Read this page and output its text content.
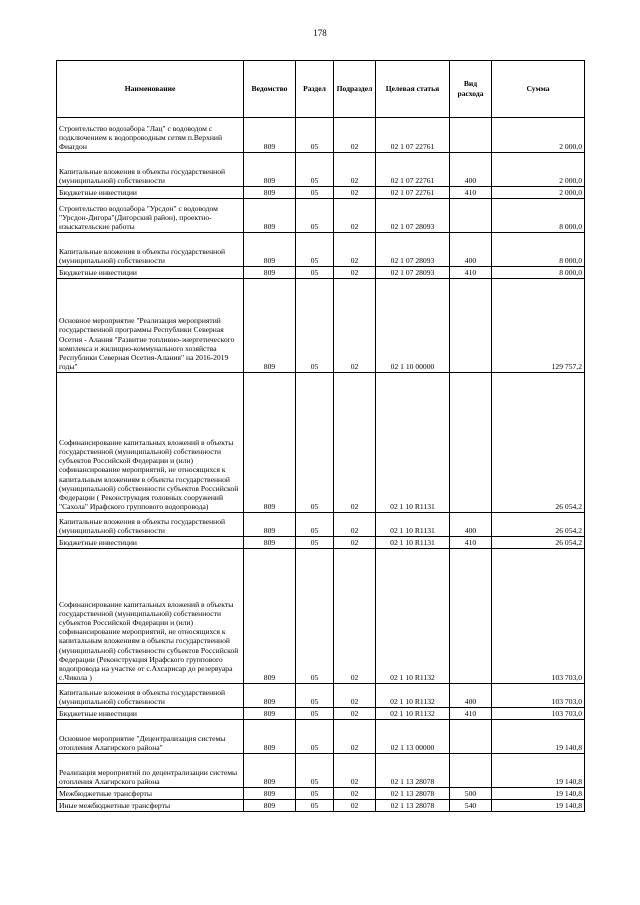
178
Наименование	Ведомство	Раздел	Подраздел	Целевая статья	Вид расхода	Сумма
Строительство водозабора "Лац" с водоводом с подключением к водопроводным сетям п.Верхний Фиагдон	809	05	02	02 1 07 22761		2 000,0
Капитальные вложения в объекты государственной (муниципальной) собственности	809	05	02	02 1 07 22761	400	2 000,0
Бюджетные инвестиции	809	05	02	02 1 07 22761	410	2 000,0
Строительство водозабора "Урсдон" с водоводом "Урсдон-Дигора"(Дигорский район), проектно-изыскательские работы	809	05	02	02 1 07 28093		8 000,0
Капитальные вложения в объекты государственной (муниципальной) собственности	809	05	02	02 1 07 28093	400	8 000,0
Бюджетные инвестиции	809	05	02	02 1 07 28093	410	8 000,0
Основное мероприятие "Реализация мероприятий государственной программы Республики Северная Осетия - Алания "Развитие топливно-энергетического комплекса и жилищно-коммунального хозяйства Республики Северная Осетия-Алания" на 2016-2019 годы"	809	05	02	02 1 10 00000		129 757,2
Софинансирование капитальных вложений в объекты государственной (муниципальной) собственности субъектов Российской Федерации и (или) софинансирование мероприятий, не относящихся к капитальным вложениям в объекты государственной (муниципальной) собственности субъектов Российской Федерации ( Реконструкция головных сооружений "Сахола" Ирафского группового водопровода)	809	05	02	02 1 10 R1131		26 054,2
Капитальные вложения в объекты государственной (муниципальной) собственности	809	05	02	02 1 10 R1131	400	26 054,2
Бюджетные инвестиции	809	05	02	02 1 10 R1131	410	26 054,2
Софинансирование капитальных вложений в объекты государственной (муниципальной) собственности субъектов Российской Федерации и (или) софинансирование мероприятий, не относящихся к капитальным вложениям в объекты государственной (муниципальной) собственности субъектов Российской Федерации (Реконструкция Ирафского группового водопровода на участке от с.Ахсарисар до резервуара с.Чикола )	809	05	02	02 1 10 R1132		103 703,0
Капитальные вложения в объекты государственной (муниципальной) собственности	809	05	02	02 1 10 R1132	400	103 703,0
Бюджетные инвестиции	809	05	02	02 1 10 R1132	410	103 703,0
Основное мероприятие "Децентрализация системы отопления Алагирского района"	809	05	02	02 1 13 00000		19 140,8
Реализация мероприятий по децентрализации системы отопления Алагирского района	809	05	02	02 1 13 28078		19 140,8
Межбюджетные трансферты	809	05	02	02 1 13 28078	500	19 140,8
Иные межбюджетные трансферты	809	05	02	02 1 13 28078	540	19 140,8
